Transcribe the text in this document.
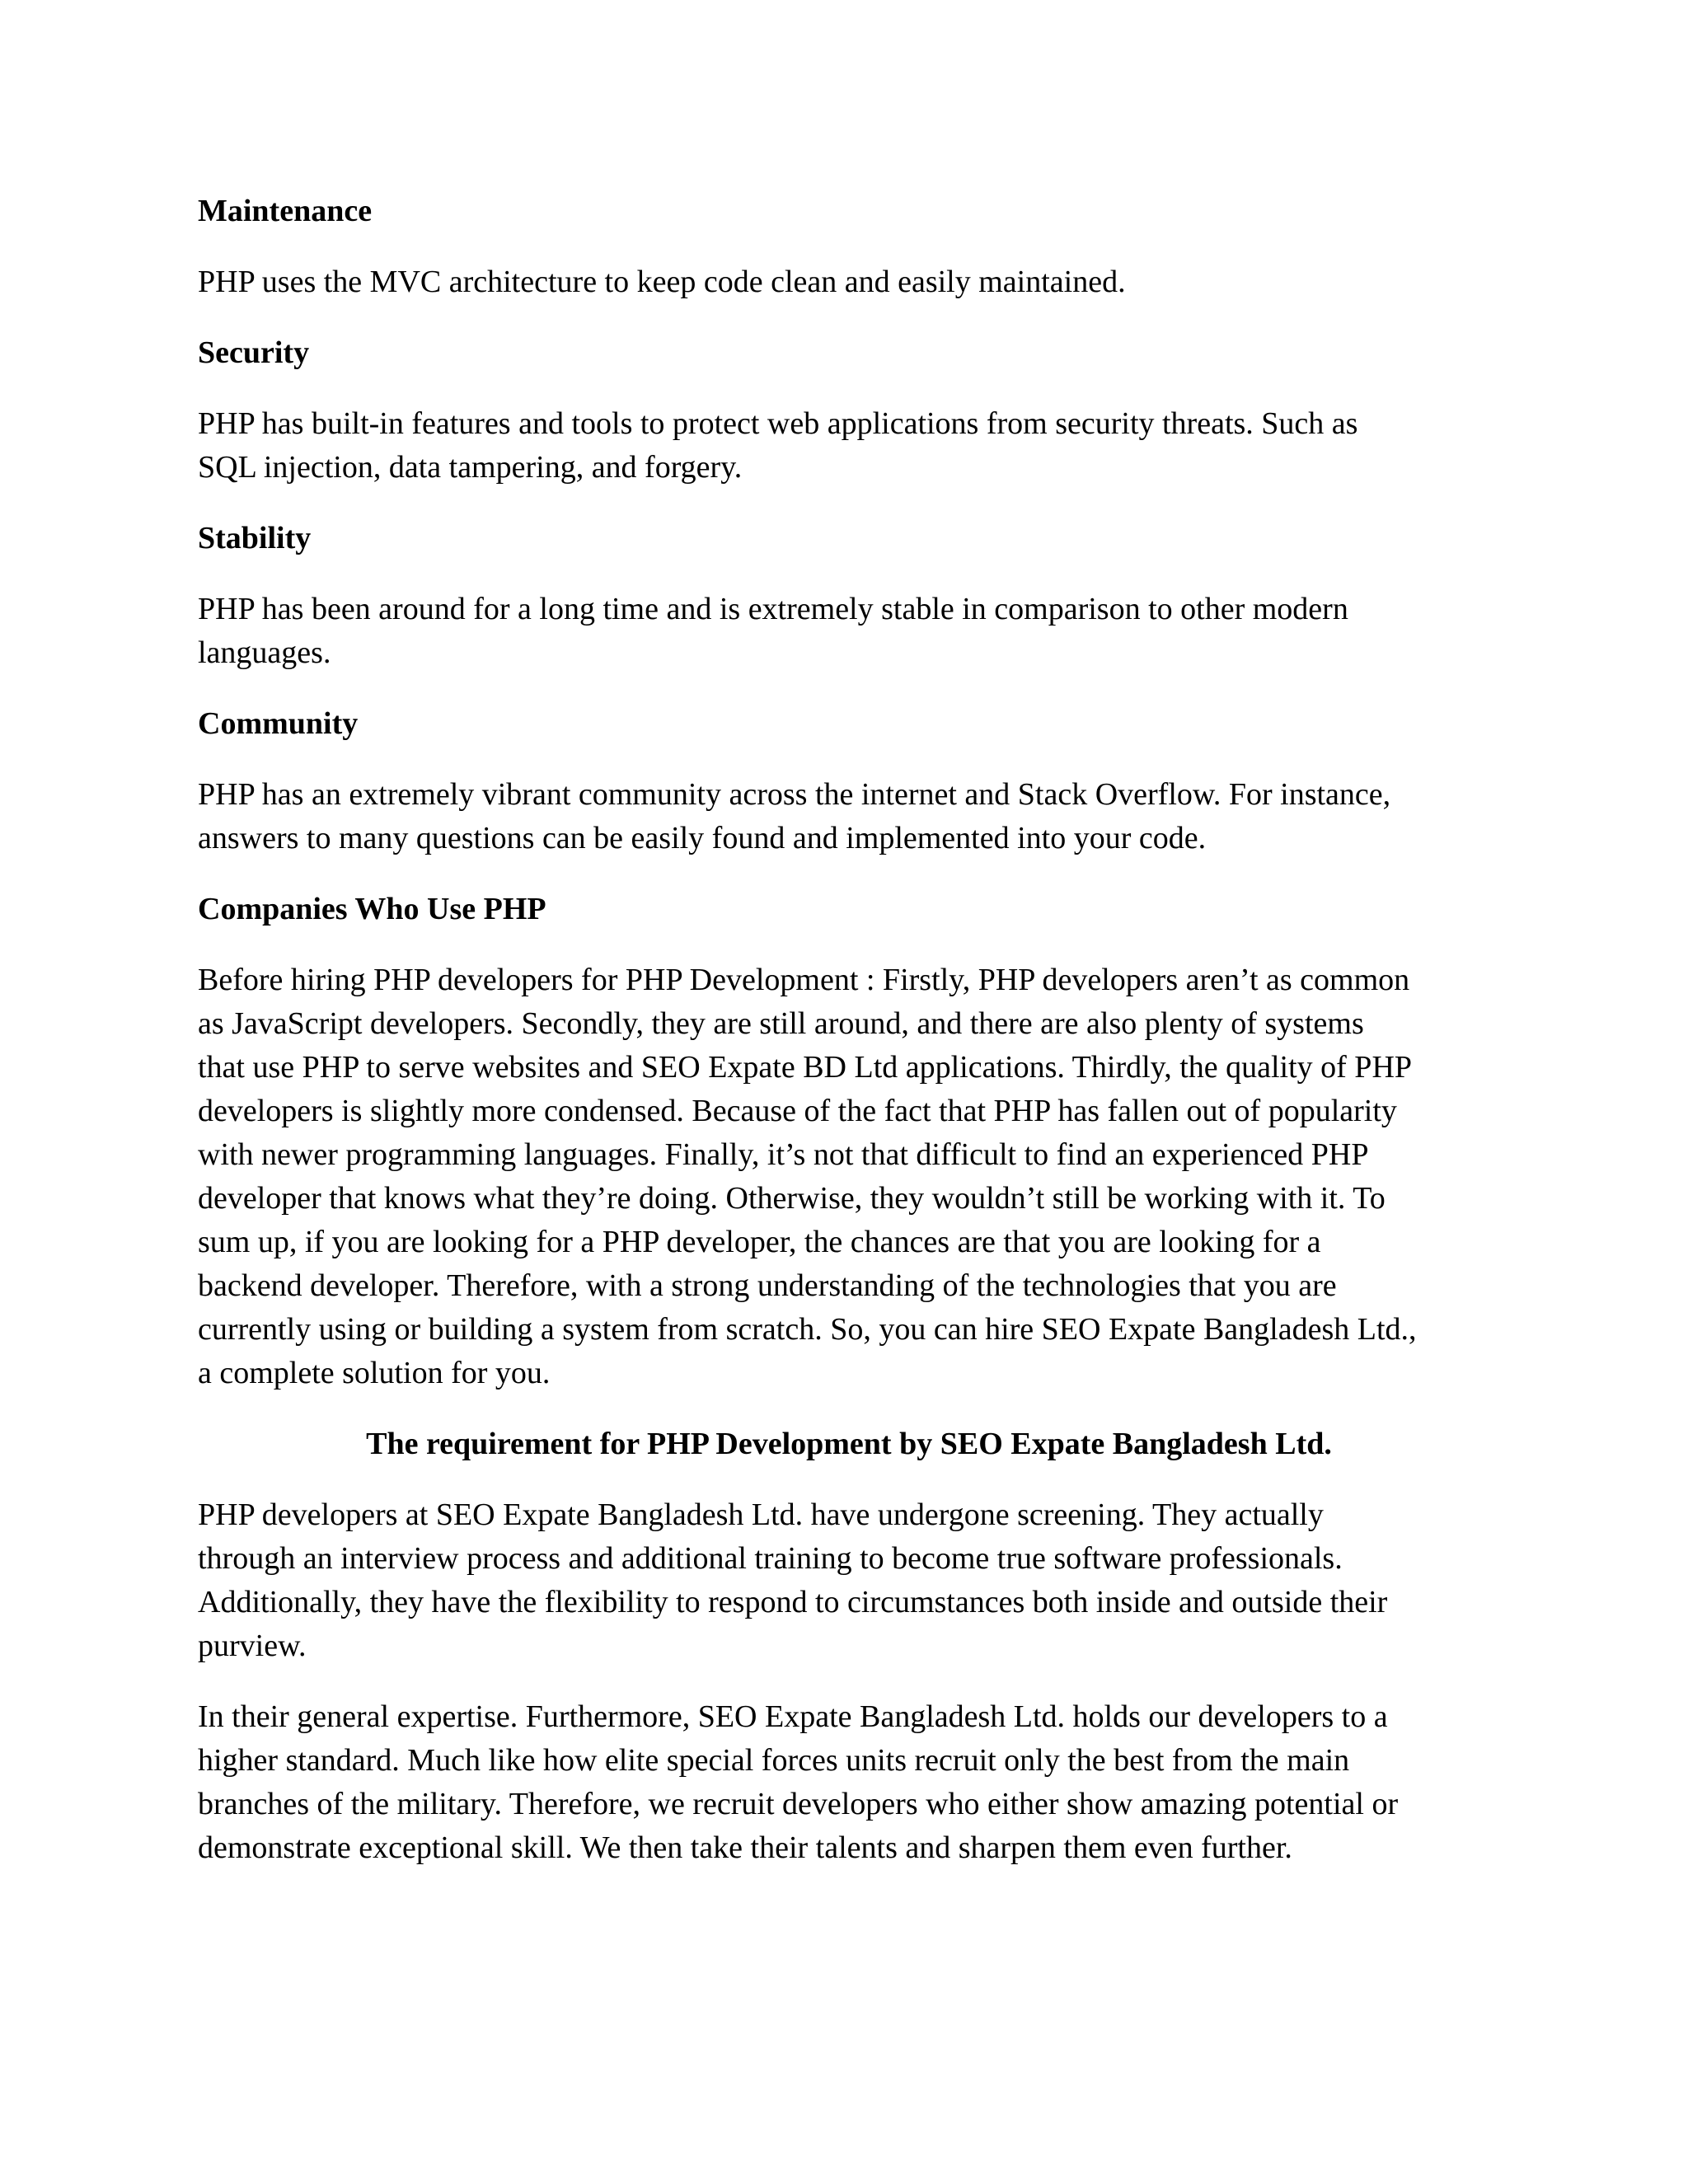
Maintenance
PHP uses the MVC architecture to keep code clean and easily maintained.
Security
PHP has built-in features and tools to protect web applications from security threats. Such as
SQL injection, data tampering, and forgery.
Stability
PHP has been around for a long time and is extremely stable in comparison to other modern
languages.
Community
PHP has an extremely vibrant community across the internet and Stack Overflow. For instance,
answers to many questions can be easily found and implemented into your code.
Companies Who Use PHP
Before hiring PHP developers for PHP Development : Firstly, PHP developers aren’t as common
as JavaScript developers. Secondly, they are still around, and there are also plenty of systems
that use PHP to serve websites and SEO Expate BD Ltd applications. Thirdly, the quality of PHP
developers is slightly more condensed. Because of the fact that PHP has fallen out of popularity
with newer programming languages. Finally, it’s not that difficult to find an experienced PHP
developer that knows what they’re doing. Otherwise, they wouldn’t still be working with it. To
sum up, if you are looking for a PHP developer, the chances are that you are looking for a
backend developer. Therefore, with a strong understanding of the technologies that you are
currently using or building a system from scratch. So, you can hire SEO Expate Bangladesh Ltd.,
a complete solution for you.
The requirement for PHP Development by SEO Expate Bangladesh Ltd.
PHP developers at SEO Expate Bangladesh Ltd. have undergone screening. They actually
through an interview process and additional training to become true software professionals.
Additionally, they have the flexibility to respond to circumstances both inside and outside their
purview.
In their general expertise. Furthermore, SEO Expate Bangladesh Ltd. holds our developers to a
higher standard. Much like how elite special forces units recruit only the best from the main
branches of the military. Therefore, we recruit developers who either show amazing potential or
demonstrate exceptional skill. We then take their talents and sharpen them even further.
